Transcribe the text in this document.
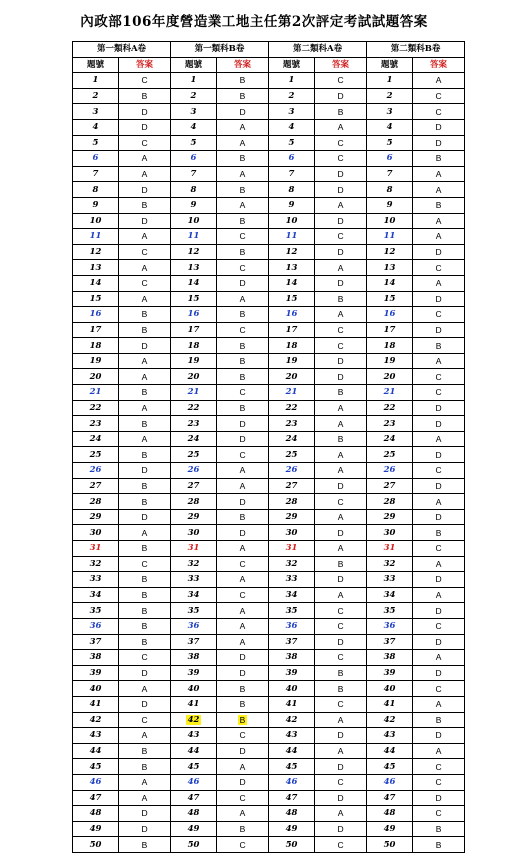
內政部106年度營造業工地主任第2次評定考試試題答案
第一類科A卷		第一類科B卷		第二類科A卷		第二類科B卷	
題號	答案	題號	答案	題號	答案	題號	答案
1	C	1	B	1	C	1	A
2	B	2	B	2	D	2	C
3	D	3	D	3	B	3	C
4	D	4	A	4	A	4	D
5	C	5	A	5	C	5	D
6	A	6	B	6	C	6	B
7	A	7	A	7	D	7	A
8	D	8	B	8	D	8	A
9	B	9	A	9	A	9	B
10	D	10	B	10	D	10	A
11	A	11	C	11	C	11	A
12	C	12	B	12	D	12	D
13	A	13	C	13	A	13	C
14	C	14	D	14	D	14	A
15	A	15	A	15	B	15	D
16	B	16	B	16	A	16	C
17	B	17	C	17	C	17	D
18	D	18	B	18	C	18	B
19	A	19	B	19	D	19	A
20	A	20	B	20	D	20	C
21	B	21	C	21	B	21	C
22	A	22	B	22	A	22	D
23	B	23	D	23	A	23	D
24	A	24	D	24	B	24	A
25	B	25	C	25	A	25	D
26	D	26	A	26	A	26	C
27	B	27	A	27	D	27	D
28	B	28	D	28	C	28	A
29	D	29	B	29	A	29	D
30	A	30	D	30	D	30	B
31	B	31	A	31	A	31	C
32	C	32	C	32	B	32	A
33	B	33	A	33	D	33	D
34	B	34	C	34	A	34	A
35	B	35	A	35	C	35	D
36	B	36	A	36	C	36	C
37	B	37	A	37	D	37	D
38	C	38	D	38	C	38	A
39	D	39	D	39	B	39	D
40	A	40	B	40	B	40	C
41	D	41	B	41	C	41	A
42	C	42	B	42	A	42	B
43	A	43	C	43	D	43	D
44	B	44	D	44	A	44	A
45	B	45	A	45	D	45	C
46	A	46	D	46	C	46	C
47	A	47	C	47	D	47	D
48	D	48	A	48	A	48	C
49	D	49	B	49	D	49	B
50	B	50	C	50	C	50	B
